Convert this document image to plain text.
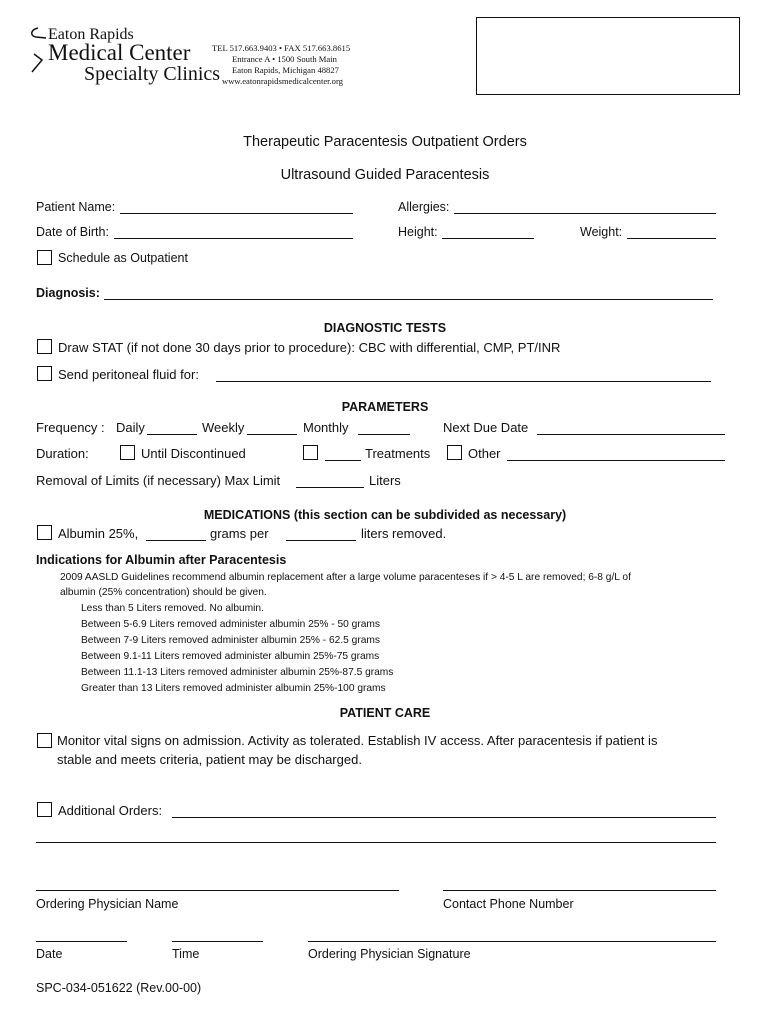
Eaton Rapids
Medical Center
Specialty Clinics
TEL 517.663.9403 • FAX 517.663.8615
Entrance A • 1500 South Main
Eaton Rapids, Michigan 48827
www.eatonrapidsmedicalcenter.org
Therapeutic Paracentesis Outpatient Orders
Ultrasound Guided Paracentesis
Patient Name:	Allergies:
Date of Birth:	Height:	Weight:
Schedule as Outpatient
Diagnosis:
DIAGNOSTIC TESTS
Draw STAT (if not done 30 days prior to procedure): CBC with differential, CMP, PT/INR
Send peritoneal fluid for:
PARAMETERS
Frequency : Daily	Weekly	Monthly	Next Due Date
Duration:	Until Discontinued	Treatments	Other
Removal of Limits (if necessary) Max Limit	Liters
MEDICATIONS (this section can be subdivided as necessary)
Albumin 25%,	grams per	liters removed.
Indications for Albumin after Paracentesis
2009 AASLD Guidelines recommend albumin replacement after a large volume paracenteses if > 4-5 L are removed; 6-8 g/L of
albumin (25% concentration) should be given.
Less than 5 Liters removed. No albumin.
Between 5-6.9 Liters removed administer albumin 25% - 50 grams
Between 7-9 Liters removed administer albumin 25% - 62.5 grams
Between 9.1-11 Liters removed administer albumin 25%-75 grams
Between 11.1-13 Liters removed administer albumin 25%-87.5 grams
Greater than 13 Liters removed administer albumin 25%-100 grams
PATIENT CARE
Monitor vital signs on admission. Activity as tolerated. Establish IV access. After paracentesis if patient is
stable and meets criteria, patient may be discharged.
Additional Orders:
Ordering Physician Name	Contact Phone Number
Date	Time	Ordering Physician Signature
SPC-034-051622 (Rev.00-00)
